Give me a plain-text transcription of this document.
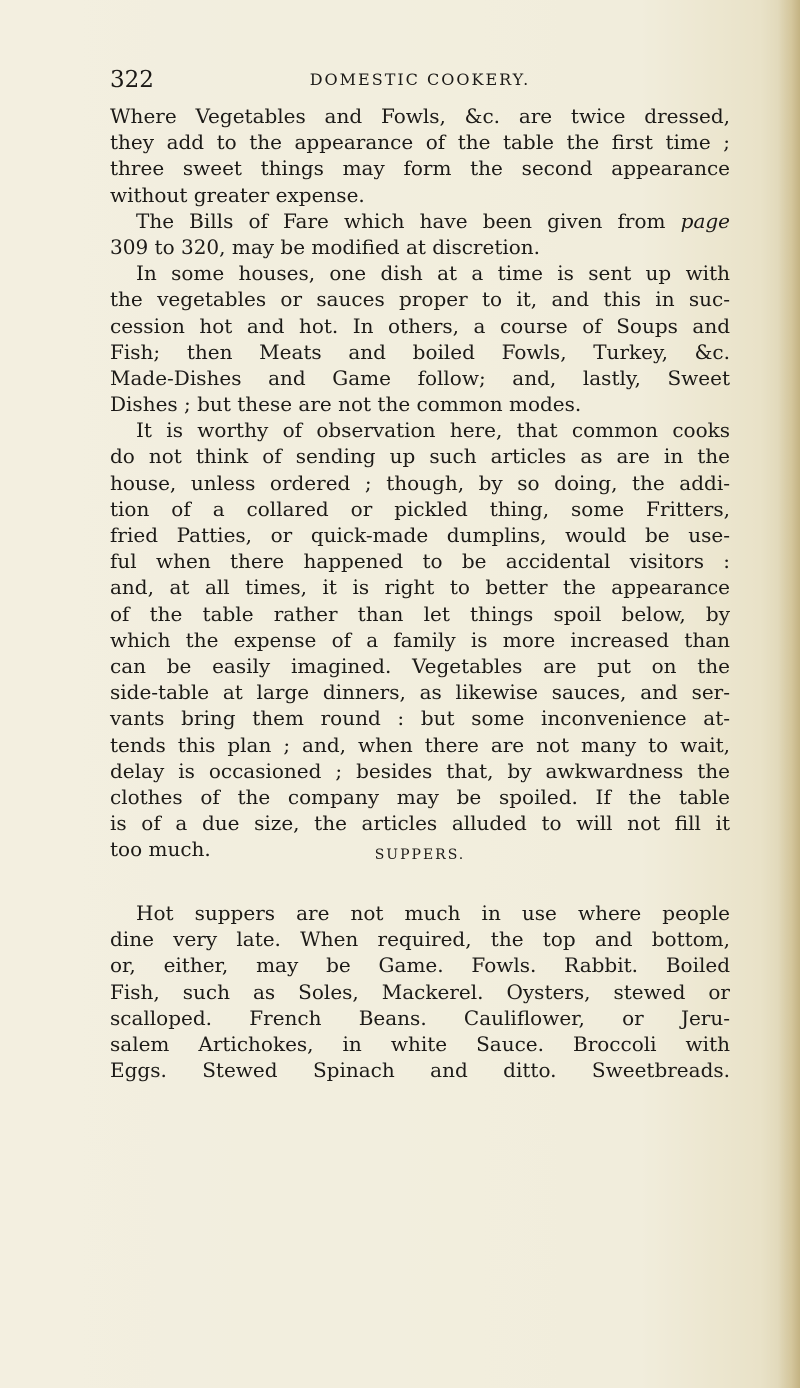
322	DOMESTIC COOKERY.
Where Vegetables and Fowls, &c. are twice dressed,
they add to the appearance of the table the first time ;
three sweet things may form the second appearance
without greater expense.
The Bills of Fare which have been given from page
309 to 320, may be modified at discretion.
In some houses, one dish at a time is sent up with
the vegetables or sauces proper to it, and this in suc-
cession hot and hot. In others, a course of Soups and
Fish; then Meats and boiled Fowls, Turkey, &c.
Made-Dishes and Game follow; and, lastly, Sweet
Dishes ; but these are not the common modes.
It is worthy of observation here, that common cooks
do not think of sending up such articles as are in the
house, unless ordered ; though, by so doing, the addi-
tion of a collared or pickled thing, some Fritters,
fried Patties, or quick-made dumplins, would be use-
ful when there happened to be accidental visitors :
and, at all times, it is right to better the appearance
of the table rather than let things spoil below, by
which the expense of a family is more increased than
can be easily imagined. Vegetables are put on the
side-table at large dinners, as likewise sauces, and ser-
vants bring them round : but some inconvenience at-
tends this plan ; and, when there are not many to wait,
delay is occasioned ; besides that, by awkwardness the
clothes of the company may be spoiled. If the table
is of a due size, the articles alluded to will not fill it
too much.	SUPPERS.
Hot suppers are not much in use where people
dine very late. When required, the top and bottom,
or, either, may be Game. Fowls. Rabbit. Boiled
Fish, such as Soles, Mackerel. Oysters, stewed or
scalloped. French Beans. Cauliflower, or Jeru-
salem Artichokes, in white Sauce. Broccoli with
Eggs. Stewed Spinach and ditto. Sweetbreads.
